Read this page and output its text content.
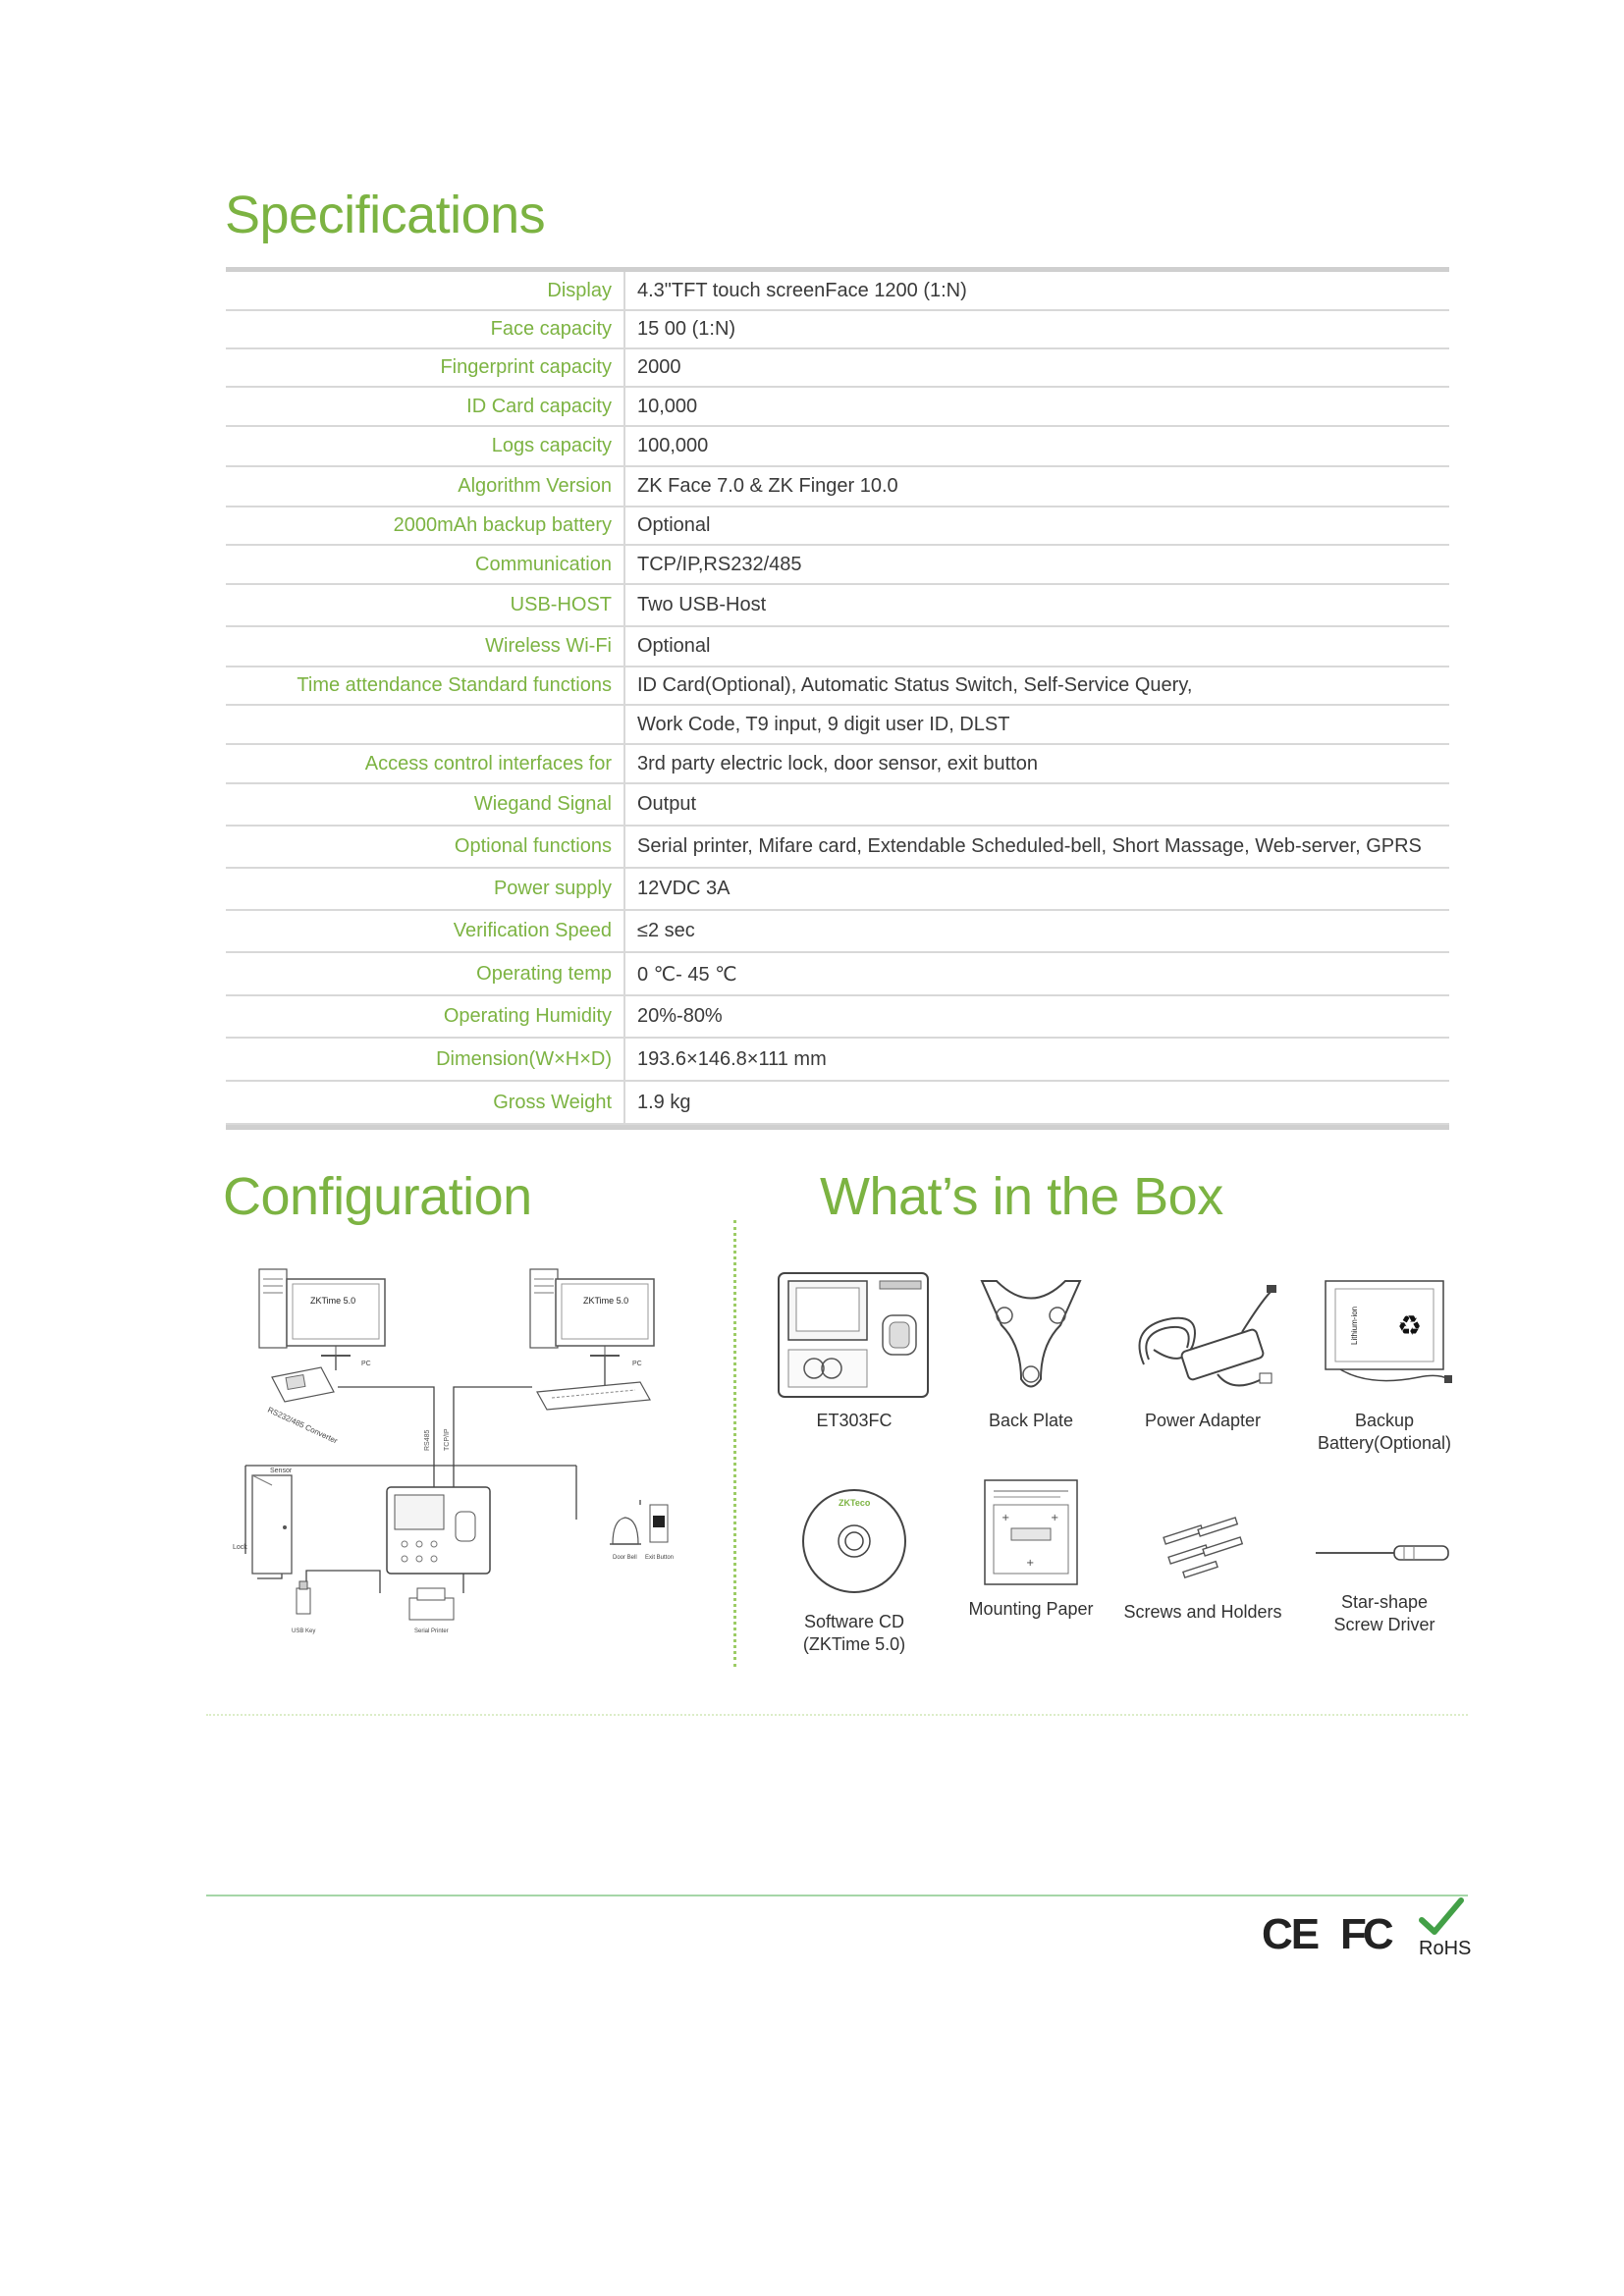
Specifications
Display	4.3"TFT touch screenFace 1200 (1:N)
Face capacity	15 00 (1:N)
Fingerprint capacity	2000
ID Card capacity	10,000
Logs capacity	100,000
Algorithm Version	ZK Face 7.0 & ZK Finger 10.0
2000mAh backup battery	Optional
Communication	TCP/IP,RS232/485
USB-HOST	Two USB-Host
Wireless Wi-Fi	Optional
Time attendance Standard functions	ID Card(Optional), Automatic Status Switch, Self-Service Query,
Work Code, T9 input, 9 digit user ID, DLST
Access control interfaces for	3rd party electric lock, door sensor, exit button
Wiegand Signal	Output
Optional functions	Serial printer, Mifare card, Extendable Scheduled-bell, Short Massage, Web-server, GPRS
Power supply	12VDC 3A
Verification Speed	≤2 sec
Operating temp	0 ℃- 45 ℃
Operating Humidity	20%-80%
Dimension(W×H×D)	193.6×146.8×111 mm
Gross Weight	1.9 kg
Configuration
ZKTime 5.0
PC
ZKTime 5.0
PC
RS232/485 Converter	RS485 TCP/IP
Sensor
Lock
Door Bell Exit Button
USB Key	Serial Printer
What’s in the Box
ET303FC	Back Plate	Power Adapter
Lithium-ion ♻
Backup
Battery(Optional)
ZKTeco
Software CD
(ZKTime 5.0)
+	+
+
Mounting Paper	Screws and Holders	Star-shape
Screw Driver
CE FC RoHS
